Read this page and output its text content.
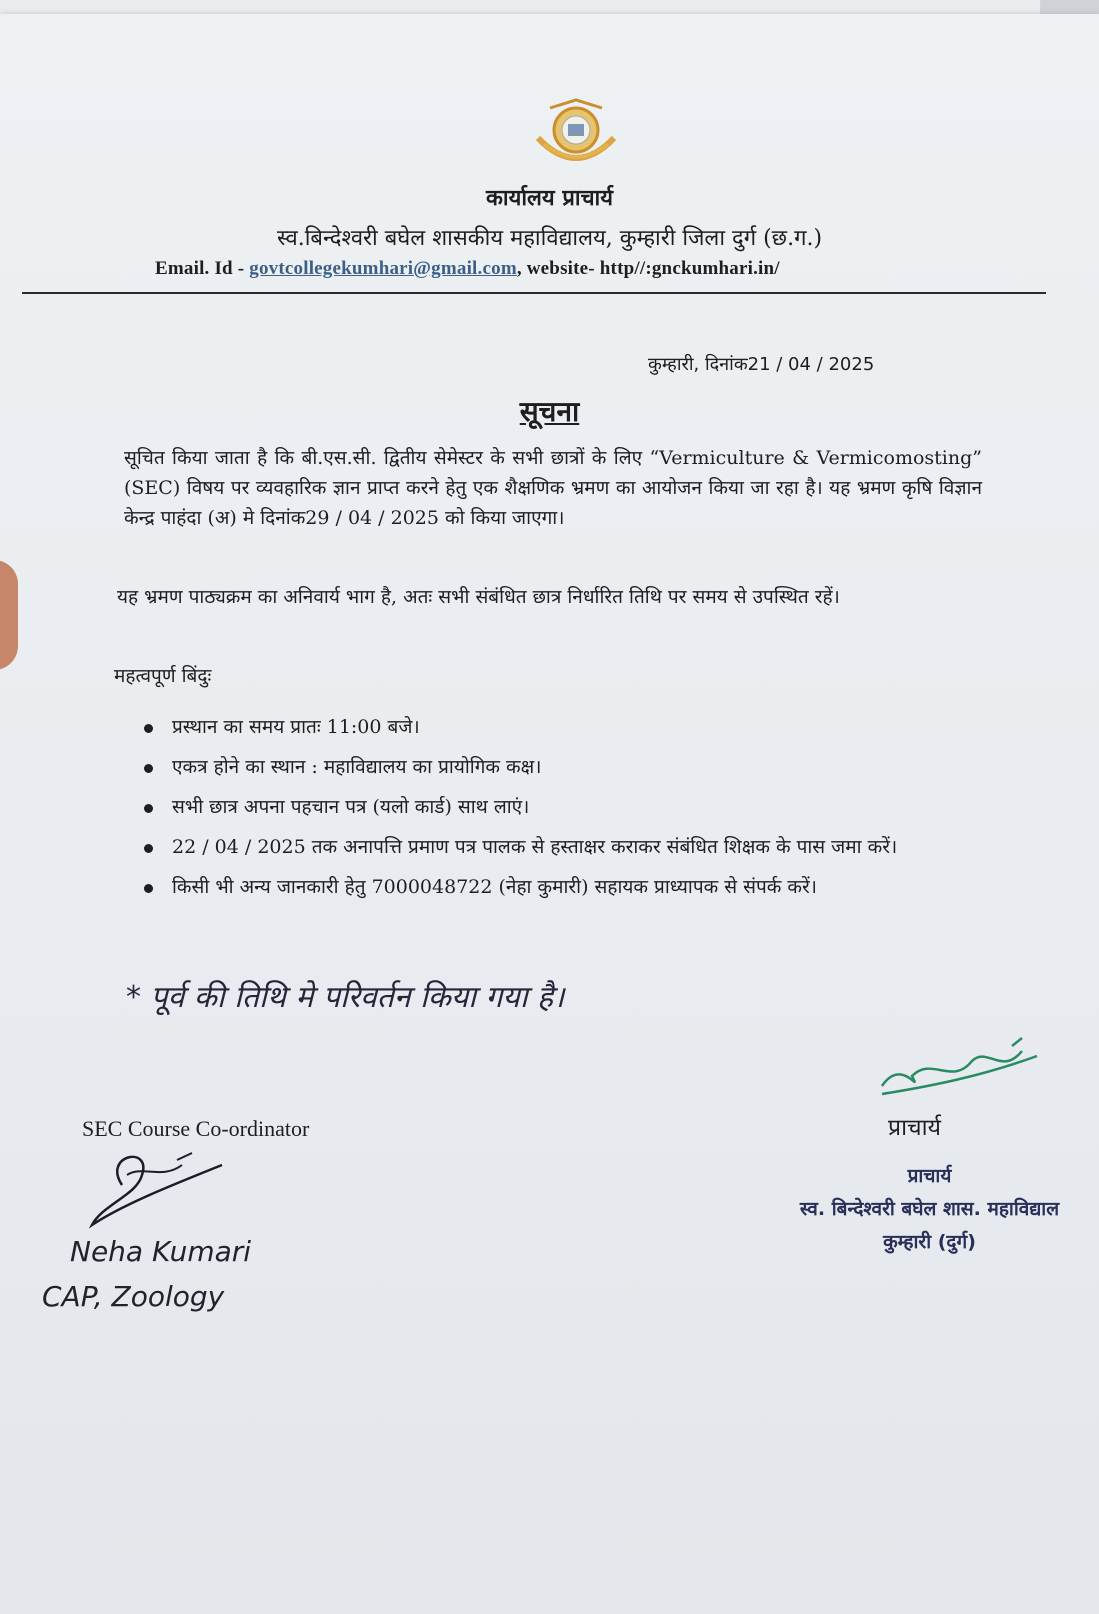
कार्यालय प्राचार्य
स्व.बिन्देश्वरी बघेल शासकीय महाविद्यालय, कुम्हारी जिला दुर्ग (छ.ग.)
Email. Id - govtcollegekumhari@gmail.com, website- http//:gnckumhari.in/
कुम्हारी, दिनांक21 / 04 / 2025
सूचना
सूचित किया जाता है कि बी.एस.सी. द्वितीय सेमेस्टर के सभी छात्रों के लिए “Vermiculture & Vermicomosting” (SEC) विषय पर व्यवहारिक ज्ञान प्राप्त करने हेतु एक शैक्षणिक भ्रमण का आयोजन किया जा रहा है। यह भ्रमण कृषि विज्ञान केन्द्र पाहंदा (अ) मे दिनांक29 / 04 / 2025 को किया जाएगा।
यह भ्रमण पाठ्यक्रम का अनिवार्य भाग है, अतः सभी संबंधित छात्र निर्धारित तिथि पर समय से उपस्थित रहें।
महत्वपूर्ण बिंदुः
प्रस्थान का समय प्रातः 11:00 बजे।
एकत्र होने का स्थान : महाविद्यालय का प्रायोगिक कक्ष।
सभी छात्र अपना पहचान पत्र (यलो कार्ड) साथ लाएं।
22 / 04 / 2025 तक अनापत्ति प्रमाण पत्र पालक से हस्ताक्षर कराकर संबंधित शिक्षक के पास जमा करें।
किसी भी अन्य जानकारी हेतु 7000048722 (नेहा कुमारी) सहायक प्राध्यापक से संपर्क करें।
* पूर्व की तिथि मे परिवर्तन किया गया है।
SEC Course Co-ordinator
Neha Kumari
CAP, Zoology
प्राचार्य
प्राचार्य
स्व. बिन्देश्वरी बघेल शास. महाविद्याल
कुम्हारी (दुर्ग)
